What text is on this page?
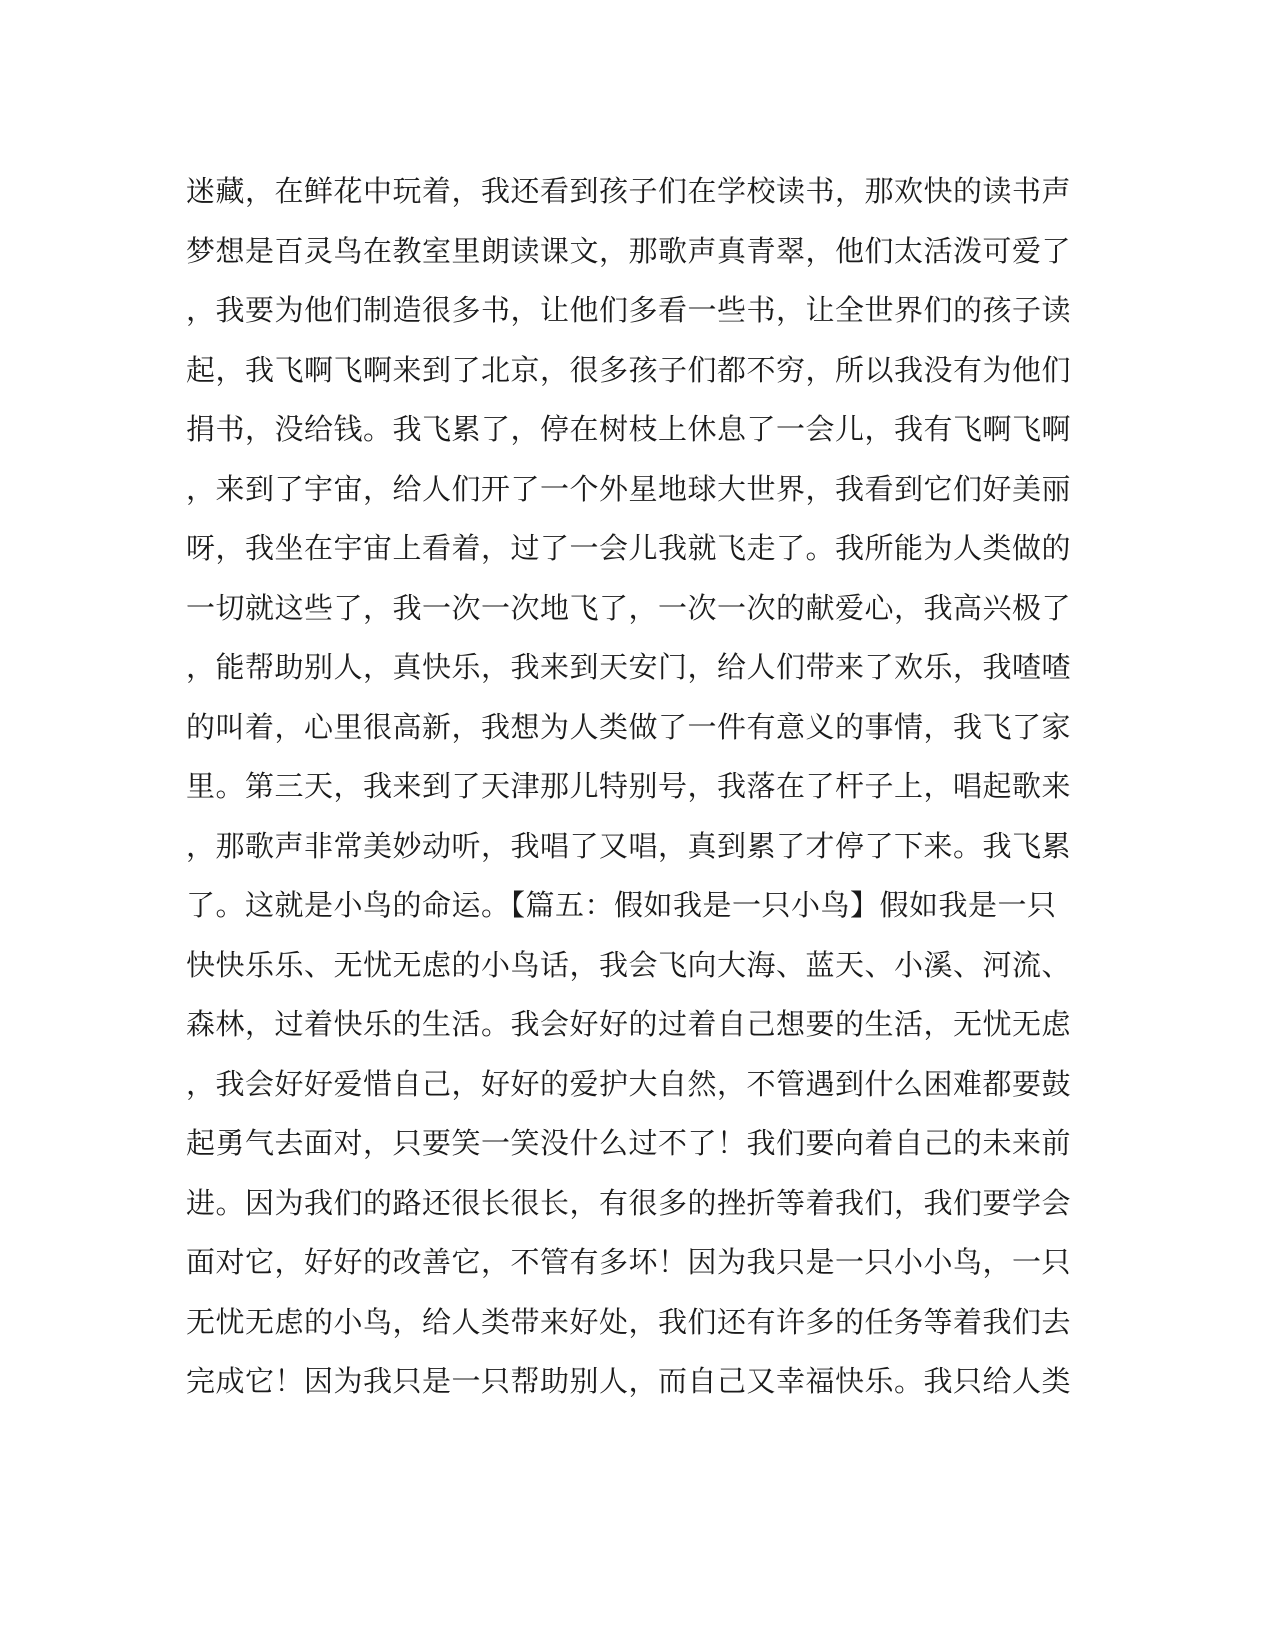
迷藏，在鲜花中玩着，我还看到孩子们在学校读书，那欢快的读书声
梦想是百灵鸟在教室里朗读课文，那歌声真青翠，他们太活泼可爱了
，我要为他们制造很多书，让他们多看一些书，让全世界们的孩子读
起，我飞啊飞啊来到了北京，很多孩子们都不穷，所以我没有为他们
捐书，没给钱。我飞累了，停在树枝上休息了一会儿，我有飞啊飞啊
，来到了宇宙，给人们开了一个外星地球大世界，我看到它们好美丽
呀，我坐在宇宙上看着，过了一会儿我就飞走了。我所能为人类做的
一切就这些了，我一次一次地飞了，一次一次的献爱心，我高兴极了
，能帮助别人，真快乐，我来到天安门，给人们带来了欢乐，我喳喳
的叫着，心里很高新，我想为人类做了一件有意义的事情，我飞了家
里。第三天，我来到了天津那儿特别号，我落在了杆子上，唱起歌来
，那歌声非常美妙动听，我唱了又唱，真到累了才停了下来。我飞累
了。这就是小鸟的命运。【篇五：假如我是一只小鸟】假如我是一只
快快乐乐、无忧无虑的小鸟话，我会飞向大海、蓝天、小溪、河流、
森林，过着快乐的生活。我会好好的过着自己想要的生活，无忧无虑
，我会好好爱惜自己，好好的爱护大自然，不管遇到什么困难都要鼓
起勇气去面对，只要笑一笑没什么过不了！我们要向着自己的未来前
进。因为我们的路还很长很长，有很多的挫折等着我们，我们要学会
面对它，好好的改善它，不管有多坏！因为我只是一只小小鸟，一只
无忧无虑的小鸟，给人类带来好处，我们还有许多的任务等着我们去
完成它！因为我只是一只帮助别人，而自己又幸福快乐。我只给人类
